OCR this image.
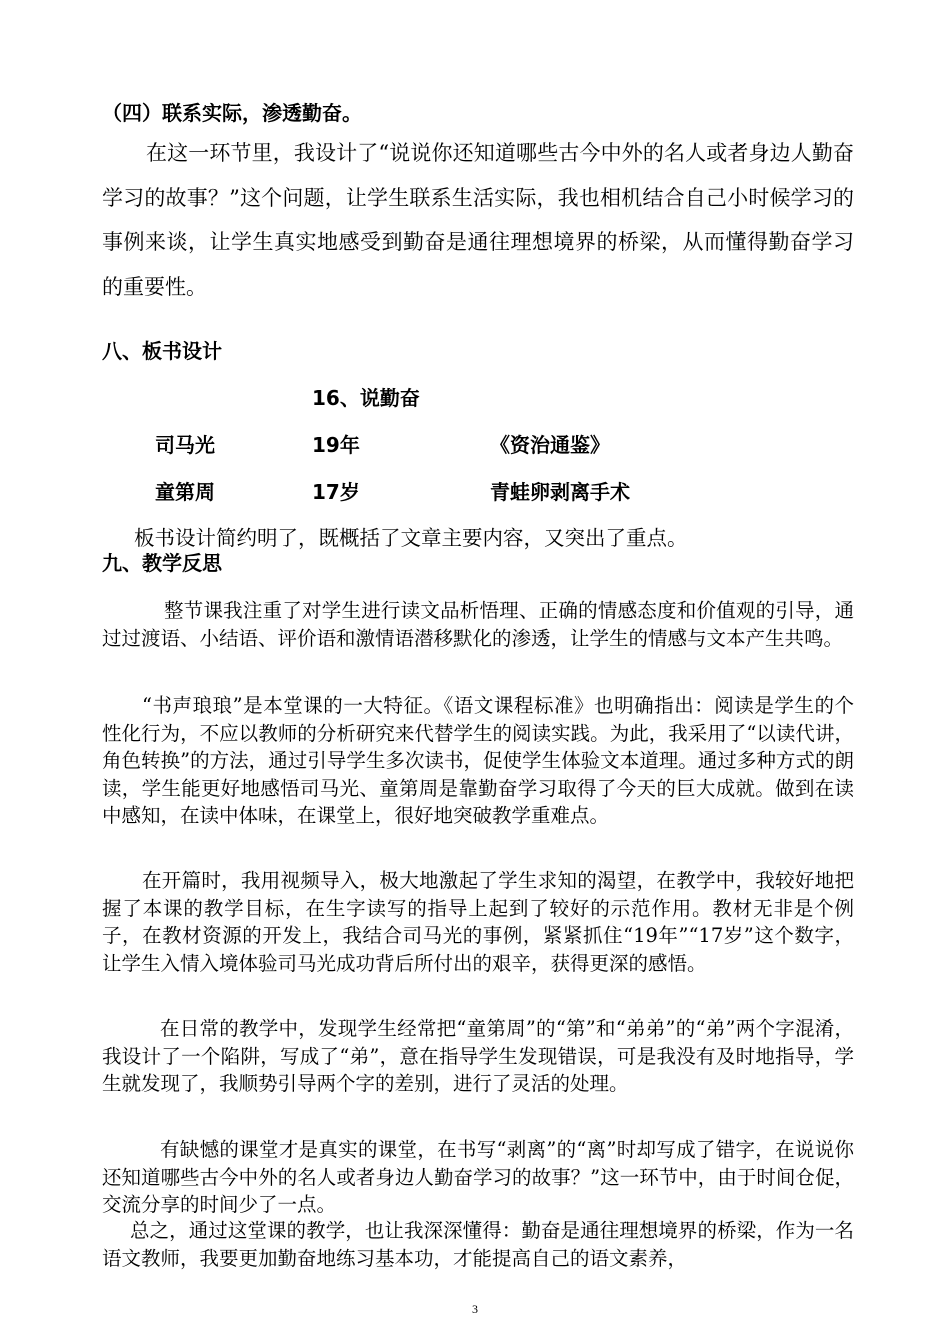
（四）联系实际，渗透勤奋。
在这一环节里，我设计了“说说你还知道哪些古今中外的名人或者身边人勤奋学习的故事？”这个问题，让学生联系生活实际，我也相机结合自己小时候学习的事例来谈，让学生真实地感受到勤奋是通往理想境界的桥梁，从而懂得勤奋学习的重要性。
八、板书设计
16、说勤奋
司马光	19年	《资治通鉴》
童第周	17岁	青蛙卵剥离手术
板书设计简约明了，既概括了文章主要内容，又突出了重点。
九、教学反思
整节课我注重了对学生进行读文品析悟理、正确的情感态度和价值观的引导，通过过渡语、小结语、评价语和激情语潜移默化的渗透，让学生的情感与文本产生共鸣。
“书声琅琅”是本堂课的一大特征。《语文课程标准》也明确指出：阅读是学生的个性化行为，不应以教师的分析研究来代替学生的阅读实践。为此，我采用了“以读代讲，角色转换”的方法，通过引导学生多次读书，促使学生体验文本道理。通过多种方式的朗读，学生能更好地感悟司马光、童第周是靠勤奋学习取得了今天的巨大成就。做到在读中感知，在读中体味，在课堂上，很好地突破教学重难点。
在开篇时，我用视频导入，极大地激起了学生求知的渴望，在教学中，我较好地把握了本课的教学目标，在生字读写的指导上起到了较好的示范作用。教材无非是个例子，在教材资源的开发上，我结合司马光的事例，紧紧抓住“19年”“17岁”这个数字，让学生入情入境体验司马光成功背后所付出的艰辛，获得更深的感悟。
在日常的教学中，发现学生经常把“童第周”的“第”和“弟弟”的“弟”两个字混淆，我设计了一个陷阱，写成了“弟”，意在指导学生发现错误，可是我没有及时地指导，学生就发现了，我顺势引导两个字的差别，进行了灵活的处理。
有缺憾的课堂才是真实的课堂，在书写“剥离”的“离”时却写成了错字，在说说你还知道哪些古今中外的名人或者身边人勤奋学习的故事？”这一环节中，由于时间仓促，交流分享的时间少了一点。
总之，通过这堂课的教学，也让我深深懂得：勤奋是通往理想境界的桥梁，作为一名语文教师，我要更加勤奋地练习基本功，才能提高自己的语文素养，
3
